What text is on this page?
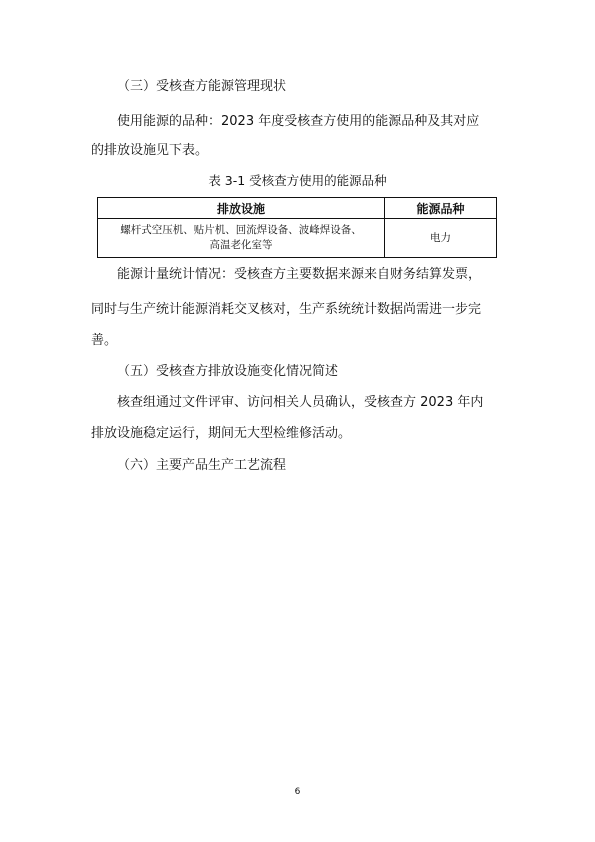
（三）受核查方能源管理现状
使用能源的品种：2023 年度受核查方使用的能源品种及其对应
的排放设施见下表。
表 3-1 受核查方使用的能源品种
排放设施	能源品种

螺杆式空压机、贴片机、回流焊设备、波峰焊设备、
高温老化室等	电力
能源计量统计情况：受核查方主要数据来源来自财务结算发票，
同时与生产统计能源消耗交叉核对，生产系统统计数据尚需进一步完
善。
（五）受核查方排放设施变化情况简述
核查组通过文件评审、访问相关人员确认，受核查方 2023 年内
排放设施稳定运行，期间无大型检维修活动。
（六）主要产品生产工艺流程
6
